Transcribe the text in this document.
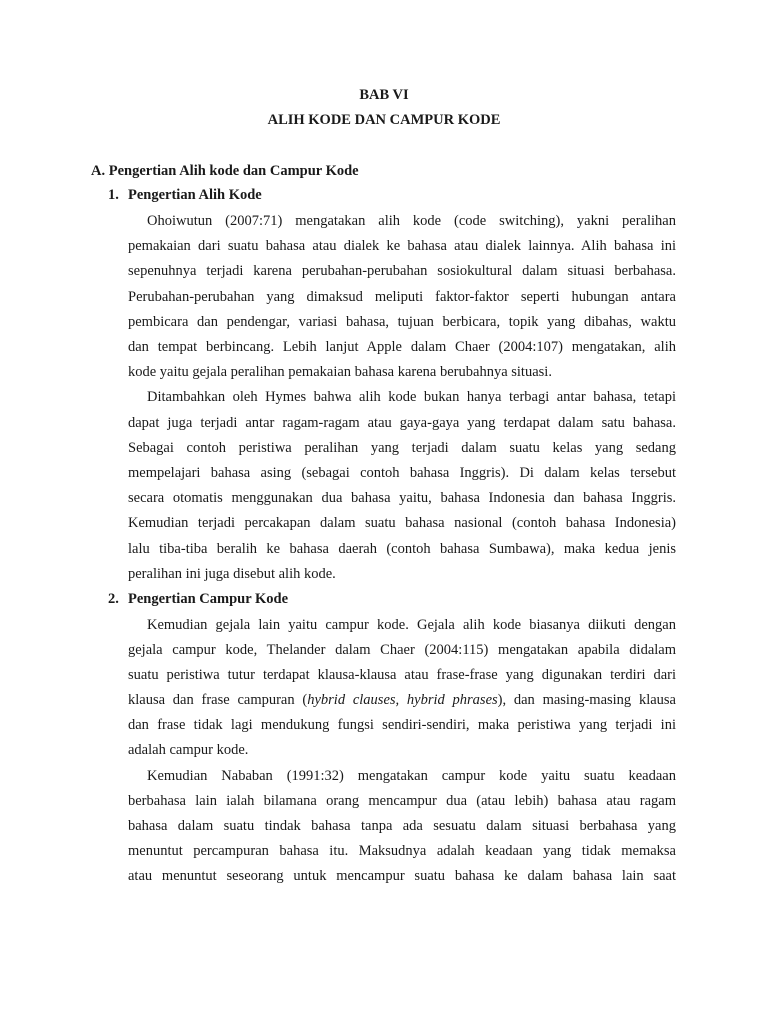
BAB VI
ALIH KODE DAN CAMPUR KODE
A. Pengertian Alih kode dan Campur Kode
1. Pengertian Alih Kode
Ohoiwutun (2007:71) mengatakan alih kode (code switching), yakni peralihan
pemakaian dari suatu bahasa atau dialek ke bahasa atau dialek lainnya. Alih bahasa ini
sepenuhnya terjadi karena perubahan-perubahan sosiokultural dalam situasi berbahasa.
Perubahan-perubahan yang dimaksud meliputi faktor-faktor seperti hubungan antara
pembicara dan pendengar, variasi bahasa, tujuan berbicara, topik yang dibahas, waktu
dan tempat berbincang. Lebih lanjut Apple dalam Chaer (2004:107) mengatakan, alih
kode yaitu gejala peralihan pemakaian bahasa karena berubahnya situasi.
Ditambahkan oleh Hymes bahwa alih kode bukan hanya terbagi antar bahasa, tetapi
dapat juga terjadi antar ragam-ragam atau gaya-gaya yang terdapat dalam satu bahasa.
Sebagai contoh peristiwa peralihan yang terjadi dalam suatu kelas yang sedang
mempelajari bahasa asing (sebagai contoh bahasa Inggris). Di dalam kelas tersebut
secara otomatis menggunakan dua bahasa yaitu, bahasa Indonesia dan bahasa Inggris.
Kemudian terjadi percakapan dalam suatu bahasa nasional (contoh bahasa Indonesia)
lalu tiba-tiba beralih ke bahasa daerah (contoh bahasa Sumbawa), maka kedua jenis
peralihan ini juga disebut alih kode.
2. Pengertian Campur Kode
Kemudian gejala lain yaitu campur kode. Gejala alih kode biasanya diikuti dengan
gejala campur kode, Thelander dalam Chaer (2004:115) mengatakan apabila didalam
suatu peristiwa tutur terdapat klausa-klausa atau frase-frase yang digunakan terdiri dari
klausa dan frase campuran (hybrid clauses, hybrid phrases), dan masing-masing klausa
dan frase tidak lagi mendukung fungsi sendiri-sendiri, maka peristiwa yang terjadi ini
adalah campur kode.
Kemudian Nababan (1991:32) mengatakan campur kode yaitu suatu keadaan
berbahasa lain ialah bilamana orang mencampur dua (atau lebih) bahasa atau ragam
bahasa dalam suatu tindak bahasa tanpa ada sesuatu dalam situasi berbahasa yang
menuntut percampuran bahasa itu. Maksudnya adalah keadaan yang tidak memaksa
atau menuntut seseorang untuk mencampur suatu bahasa ke dalam bahasa lain saat
